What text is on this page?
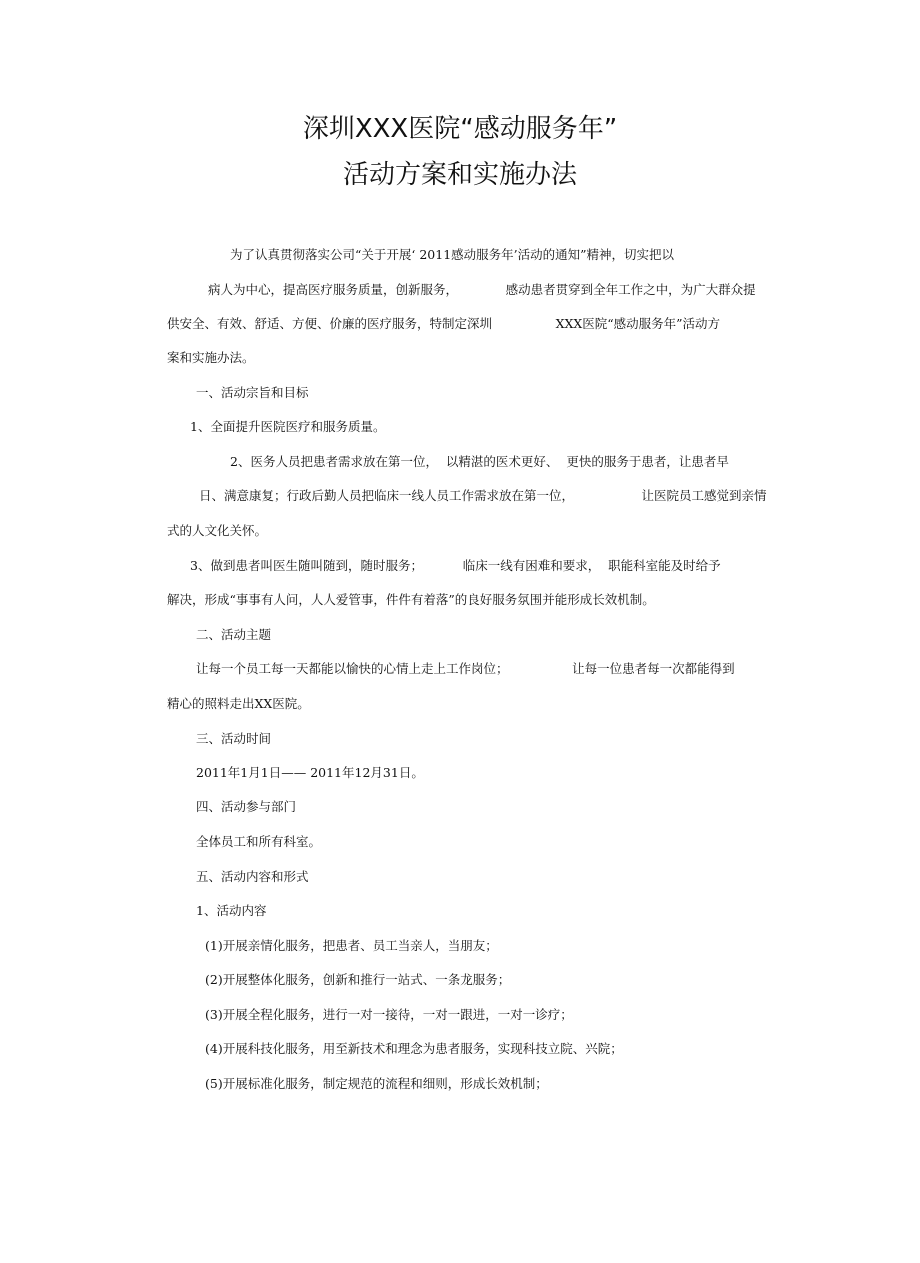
深圳XXX医院“感动服务年”
活动方案和实施办法

为了认真贯彻落实公司“关于开展‘ 2011感动服务年’活动的通知”精神，切实把以

病人为中心，提高医疗服务质量，创新服务，            感动患者贯穿到全年工作之中，为广大群众提

供安全、有效、舒适、方便、价廉的医疗服务，特制定深圳                XXX医院“感动服务年”活动方

案和实施办法。

一、活动宗旨和目标

1、全面提升医院医疗和服务质量。

2、医务人员把患者需求放在第一位，  以精湛的医术更好、  更快的服务于患者，让患者早

日、满意康复；行政后勤人员把临床一线人员工作需求放在第一位，                 让医院员工感觉到亲情

式的人文化关怀。

3、做到患者叫医生随叫随到，随时服务；          临床一线有困难和要求，  职能科室能及时给予

解决，形成“事事有人问，人人爱管事，件件有着落”的良好服务氛围并能形成长效机制。

二、活动主题

让每一个员工每一天都能以愉快的心情上走上工作岗位；                让每一位患者每一次都能得到

精心的照料走出XX医院。

三、活动时间

2011年1月1日—— 2011年12月31日。

四、活动参与部门

全体员工和所有科室。

五、活动内容和形式

1、活动内容

(1)开展亲情化服务，把患者、员工当亲人，当朋友；

(2)开展整体化服务，创新和推行一站式、一条龙服务；

(3)开展全程化服务，进行一对一接待，一对一跟进，一对一诊疗；

(4)开展科技化服务，用至新技术和理念为患者服务，实现科技立院、兴院；

(5)开展标准化服务，制定规范的流程和细则，形成长效机制；
